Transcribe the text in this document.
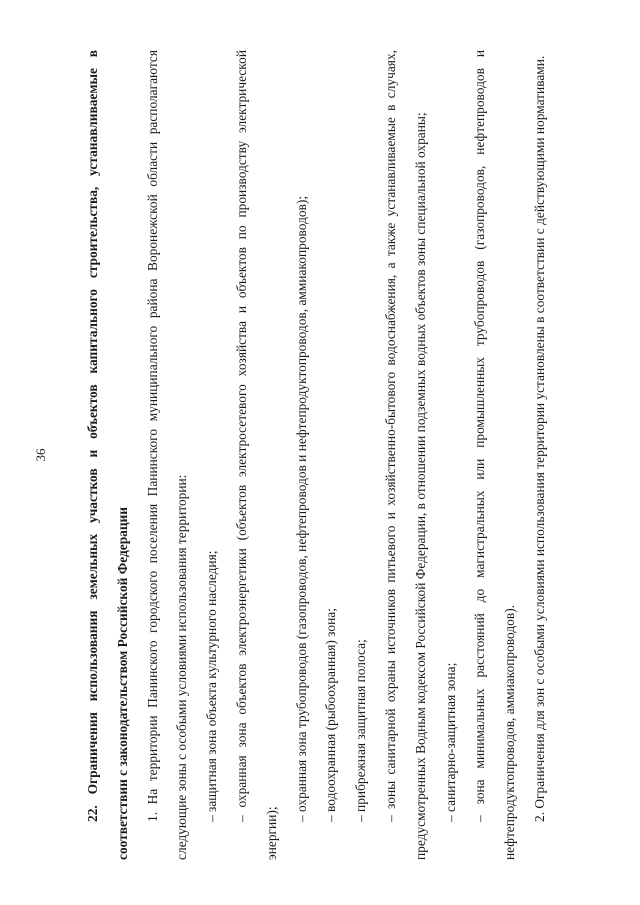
36	22. Ограничения использования земельных участков и объектов капитального строительства, устанавливаемые в соответствии с законодательством Российской Федерации	1. На территории Панинского городского поселения Панинского муниципального района Воронежской области располагаются следующие зоны с особыми условиями использования территории:	– защитная зона объекта культурного наследия;
– охранная зона объектов электроэнергетики (объектов электросетевого хозяйства и объектов по производству электрической энергии);	– охранная зона трубопроводов (газопроводов, нефтепроводов и нефтепродуктопроводов, аммиакопроводов);
– водоохранная (рыбоохранная) зона;
– прибрежная защитная полоса;
– зоны санитарной охраны источников питьевого и хозяйственно-бытового водоснабжения, а также устанавливаемые в случаях, предусмотренных Водным кодексом Российской Федерации, в отношении подземных водных объектов зоны специальной охраны;	– санитарно-защитная зона;
– зона минимальных расстояний до магистральных или промышленных трубопроводов (газопроводов, нефтепроводов и нефтепродуктопроводов, аммиакопроводов).	2. Ограничения для зон с особыми условиями использования территории установлены в соответствии с действующими нормативами.
